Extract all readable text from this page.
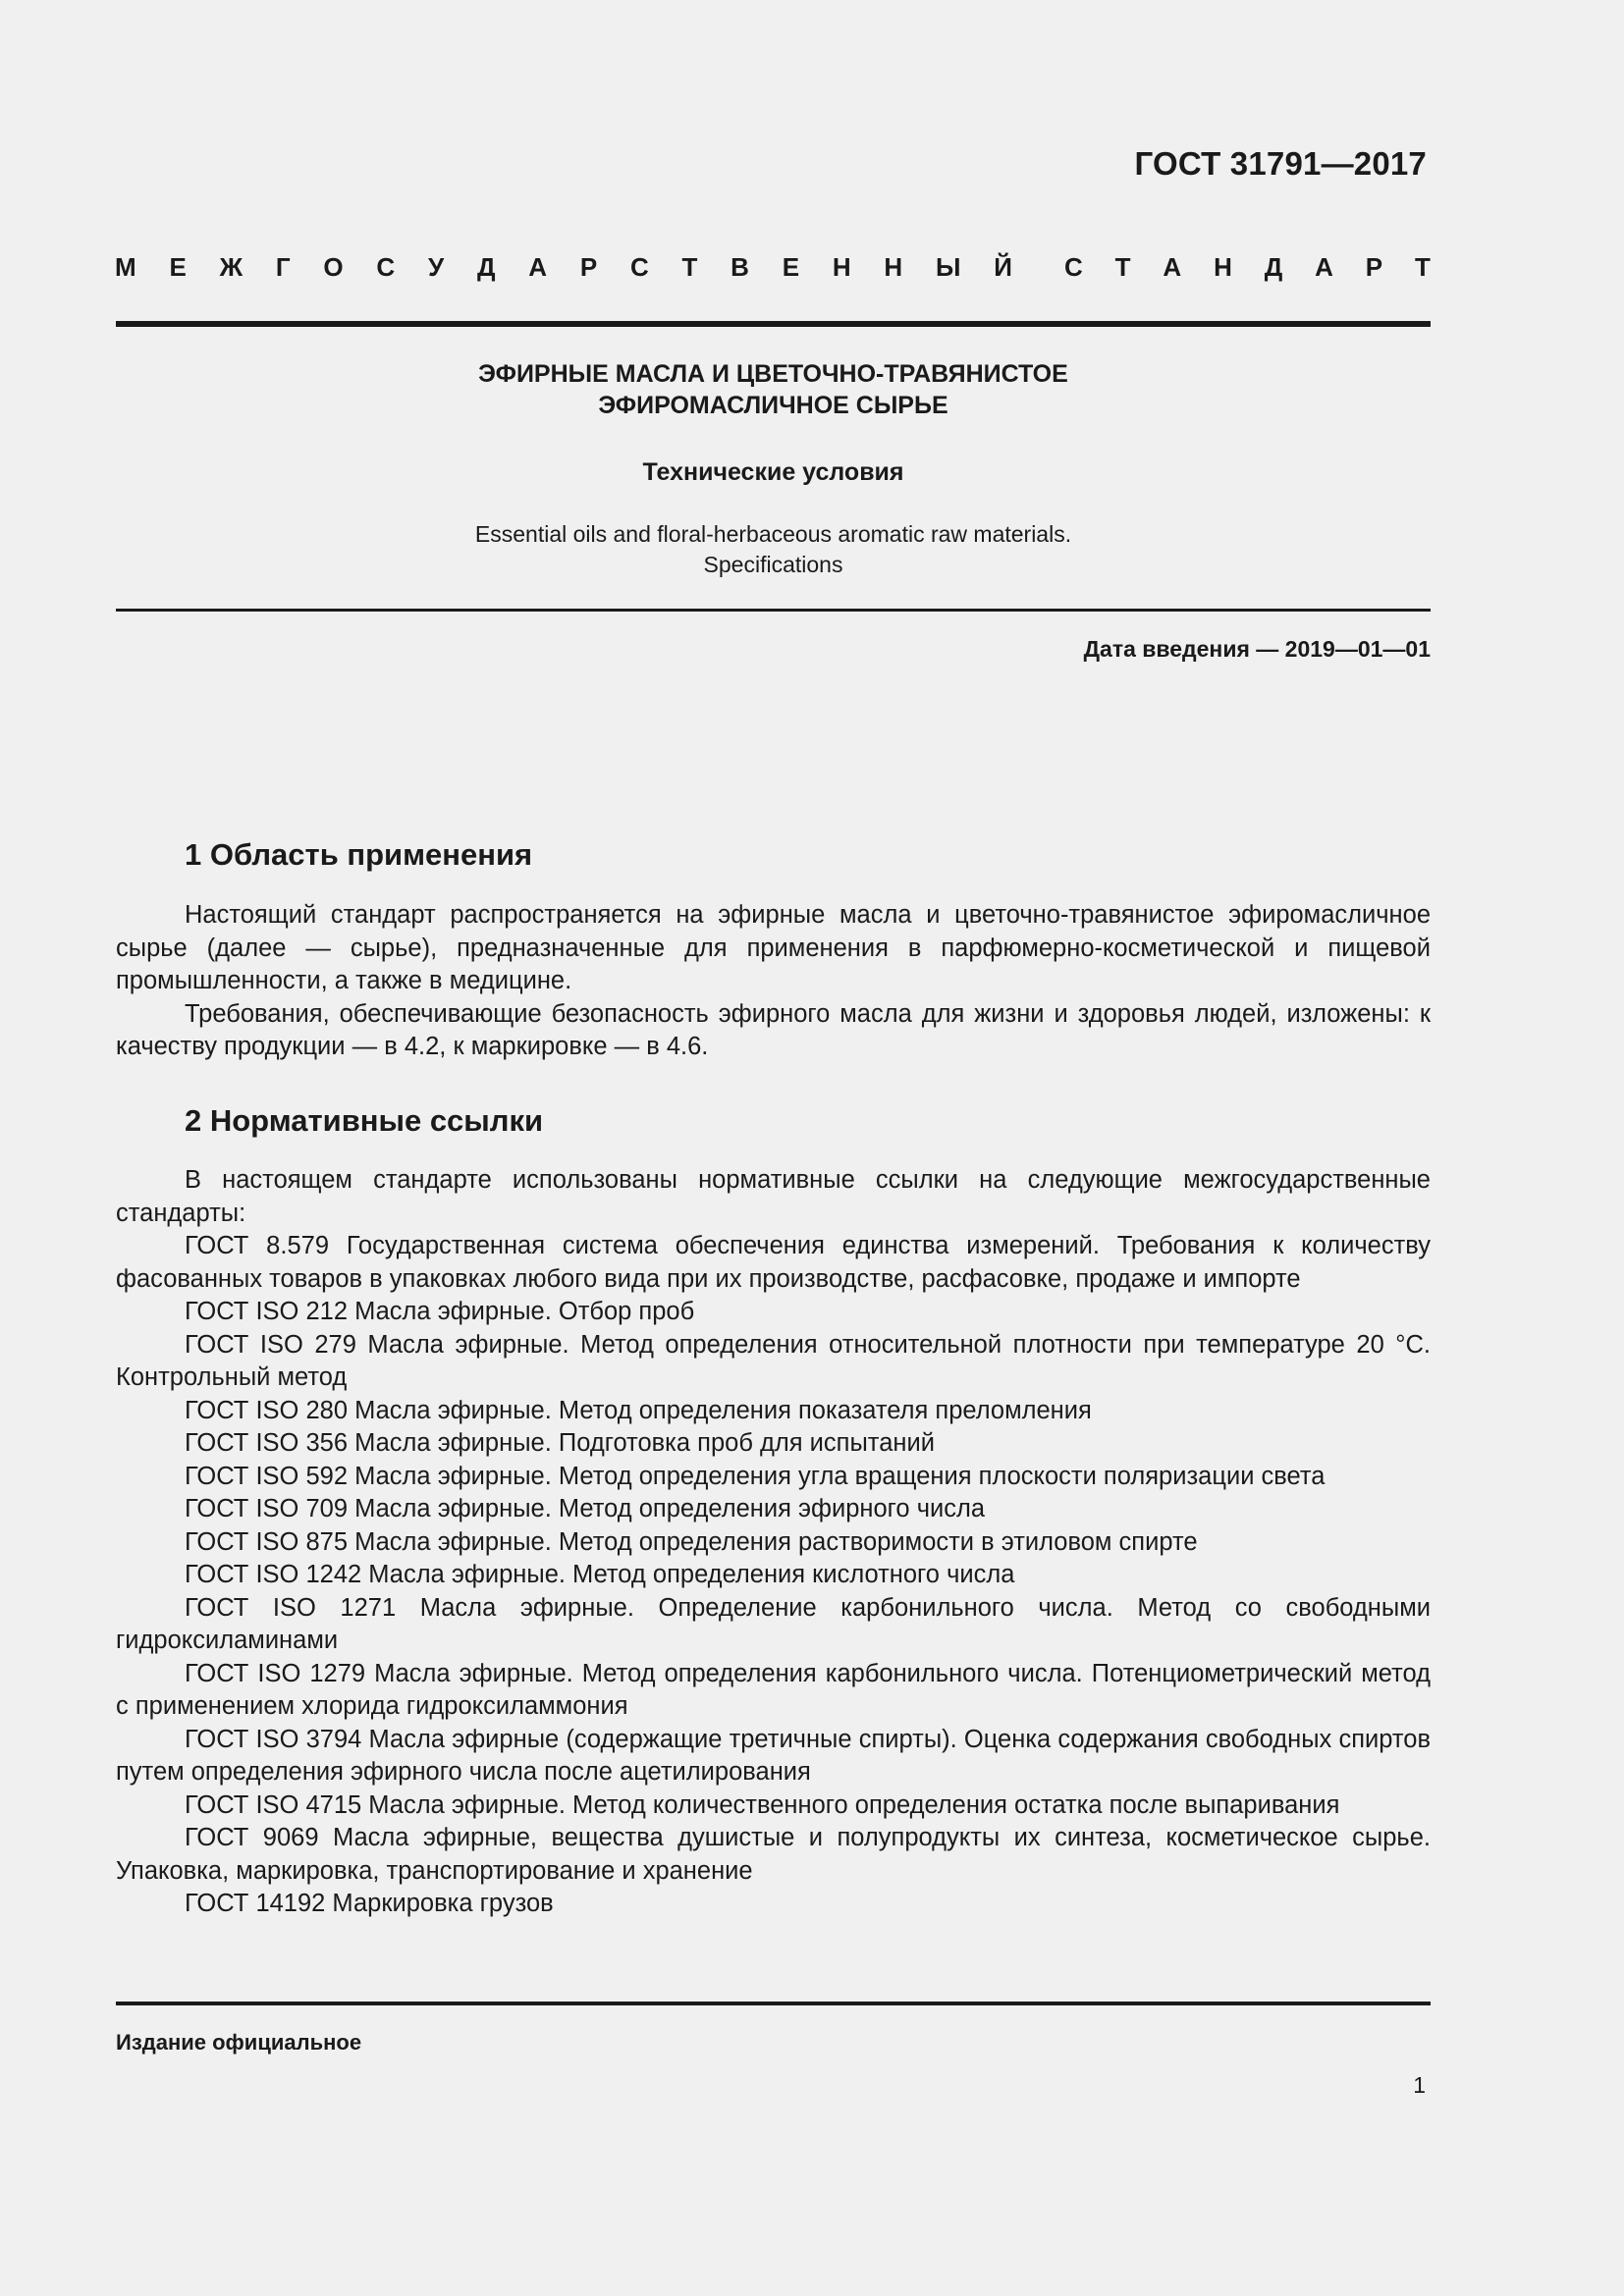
ГОСТ 31791—2017
М Е Ж Г О С У Д А Р С Т В Е Н Н Ы Й С Т А Н Д А Р Т
ЭФИРНЫЕ МАСЛА И ЦВЕТОЧНО-ТРАВЯНИСТОЕ
ЭФИРОМАСЛИЧНОЕ СЫРЬЕ
Технические условия
Essential oils and floral-herbaceous aromatic raw materials.
Specifications
Дата введения — 2019—01—01
1 Область применения

Настоящий стандарт распространяется на эфирные масла и цветочно-травянистое эфиромасличное сырье (далее — сырье), предназначенные для применения в парфюмерно-косметической и пищевой промышленности, а также в медицине.

Требования, обеспечивающие безопасность эфирного масла для жизни и здоровья людей, изложены: к качеству продукции — в 4.2, к маркировке — в 4.6.

2 Нормативные ссылки

В настоящем стандарте использованы нормативные ссылки на следующие межгосударственные стандарты:

ГОСТ 8.579 Государственная система обеспечения единства измерений. Требования к количеству фасованных товаров в упаковках любого вида при их производстве, расфасовке, продаже и импорте

ГОСТ ISO 212 Масла эфирные. Отбор проб

ГОСТ ISO 279 Масла эфирные. Метод определения относительной плотности при температуре 20 °С. Контрольный метод

ГОСТ ISO 280 Масла эфирные. Метод определения показателя преломления

ГОСТ ISO 356 Масла эфирные. Подготовка проб для испытаний

ГОСТ ISO 592 Масла эфирные. Метод определения угла вращения плоскости поляризации света

ГОСТ ISO 709 Масла эфирные. Метод определения эфирного числа

ГОСТ ISO 875 Масла эфирные. Метод определения растворимости в этиловом спирте

ГОСТ ISO 1242 Масла эфирные. Метод определения кислотного числа

ГОСТ ISO 1271 Масла эфирные. Определение карбонильного числа. Метод со свободными гидроксиламинами

ГОСТ ISO 1279 Масла эфирные. Метод определения карбонильного числа. Потенциометрический метод с применением хлорида гидроксиламмония

ГОСТ ISO 3794 Масла эфирные (содержащие третичные спирты). Оценка содержания свободных спиртов путем определения эфирного числа после ацетилирования

ГОСТ ISO 4715 Масла эфирные. Метод количественного определения остатка после выпаривания

ГОСТ 9069 Масла эфирные, вещества душистые и полупродукты их синтеза, косметическое сырье. Упаковка, маркировка, транспортирование и хранение

ГОСТ 14192 Маркировка грузов

Издание официальное
1
